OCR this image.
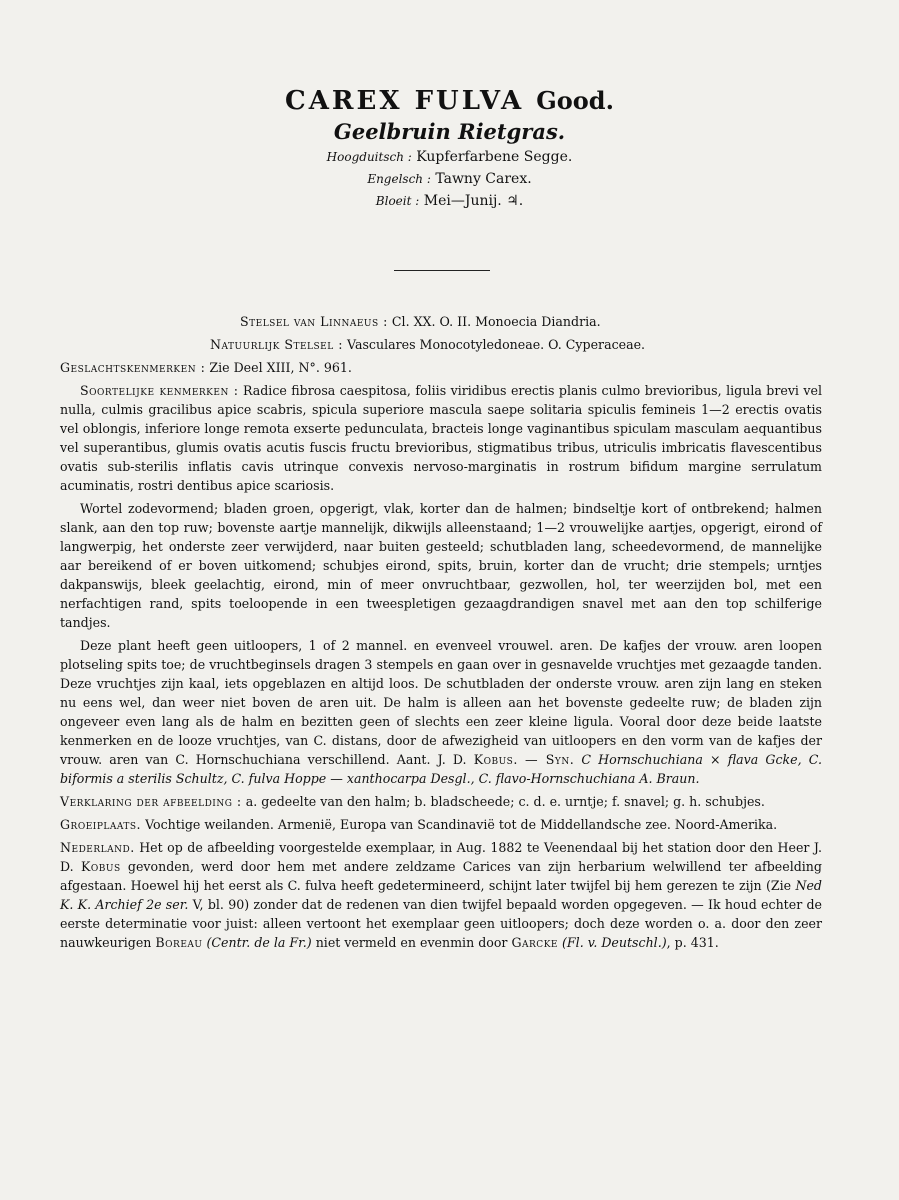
CAREX FULVA Good.

Geelbruin Rietgras.

Hoogduitsch : Kupferfarbene Segge.

Engelsch : Tawny Carex.

Bloeit : Mei—Junij. ♃.

Stelsel van Linnaeus : Cl. XX. O. II. Monoecia Diandria.

Natuurlijk Stelsel : Vasculares Monocotyledoneae. O. Cyperaceae.

Geslachtskenmerken : Zie Deel XIII, N°. 961.

Soortelijke kenmerken : Radice fibrosa caespitosa, foliis viridibus erectis planis culmo brevioribus, ligula brevi vel nulla, culmis gracilibus apice scabris, spicula superiore mascula saepe solitaria spiculis femineis 1—2 erectis ovatis vel oblongis, inferiore longe remota exserte pedunculata, bracteis longe vaginantibus spiculam masculam aequantibus vel superantibus, glumis ovatis acutis fuscis fructu brevioribus, stigmatibus tribus, utriculis imbricatis flavescentibus ovatis sub-sterilis inflatis cavis utrinque convexis nervoso-marginatis in rostrum bifidum margine serrulatum acuminatis, rostri dentibus apice scariosis.

Wortel zodevormend; bladen groen, opgerigt, vlak, korter dan de halmen; bindseltje kort of ontbrekend; halmen slank, aan den top ruw; bovenste aartje mannelijk, dikwijls alleenstaand; 1—2 vrouwelijke aartjes, opgerigt, eirond of langwerpig, het onderste zeer verwijderd, naar buiten gesteeld; schutbladen lang, scheedevormend, de mannelijke aar bereikend of er boven uitkomend; schubjes eirond, spits, bruin, korter dan de vrucht; drie stempels; urntjes dakpanswijs, bleek geelachtig, eirond, min of meer onvruchtbaar, gezwollen, hol, ter weerzijden bol, met een nerfachtigen rand, spits toeloopende in een tweespletigen gezaagdrandigen snavel met aan den top schilferige tandjes.

Deze plant heeft geen uitloopers, 1 of 2 mannel. en evenveel vrouwel. aren. De kafjes der vrouw. aren loopen plotseling spits toe; de vruchtbeginsels dragen 3 stempels en gaan over in gesnavelde vruchtjes met gezaagde tanden. Deze vruchtjes zijn kaal, iets opgeblazen en altijd loos. De schutbladen der onderste vrouw. aren zijn lang en steken nu eens wel, dan weer niet boven de aren uit. De halm is alleen aan het bovenste gedeelte ruw; de bladen zijn ongeveer even lang als de halm en bezitten geen of slechts een zeer kleine ligula. Vooral door deze beide laatste kenmerken en de looze vruchtjes, van C. distans, door de afwezigheid van uitloopers en den vorm van de kafjes der vrouw. aren van C. Hornschuchiana verschillend. Aant. J. D. Kobus. — Syn. C Hornschuchiana × flava Gcke, C. biformis a sterilis Schultz, C. fulva Hoppe — xanthocarpa Desgl., C. flavo-Hornschuchiana A. Braun.

Verklaring der afbeelding : a. gedeelte van den halm; b. bladscheede; c. d. e. urntje; f. snavel; g. h. schubjes.

Groeiplaats. Vochtige weilanden. Armenië, Europa van Scandinavië tot de Middellandsche zee. Noord-Amerika.

Nederland. Het op de afbeelding voorgestelde exemplaar, in Aug. 1882 te Veenendaal bij het station door den Heer J. D. Kobus gevonden, werd door hem met andere zeldzame Carices van zijn herbarium welwillend ter afbeelding afgestaan. Hoewel hij het eerst als C. fulva heeft gedetermineerd, schijnt later twijfel bij hem gerezen te zijn (Zie Ned K. K. Archief 2e ser. V, bl. 90) zonder dat de redenen van dien twijfel bepaald worden opgegeven. — Ik houd echter de eerste determinatie voor juist: alleen vertoont het exemplaar geen uitloopers; doch deze worden o. a. door den zeer nauwkeurigen Boreau (Centr. de la Fr.) niet vermeld en evenmin door Garcke (Fl. v. Deutschl.), p. 431.
